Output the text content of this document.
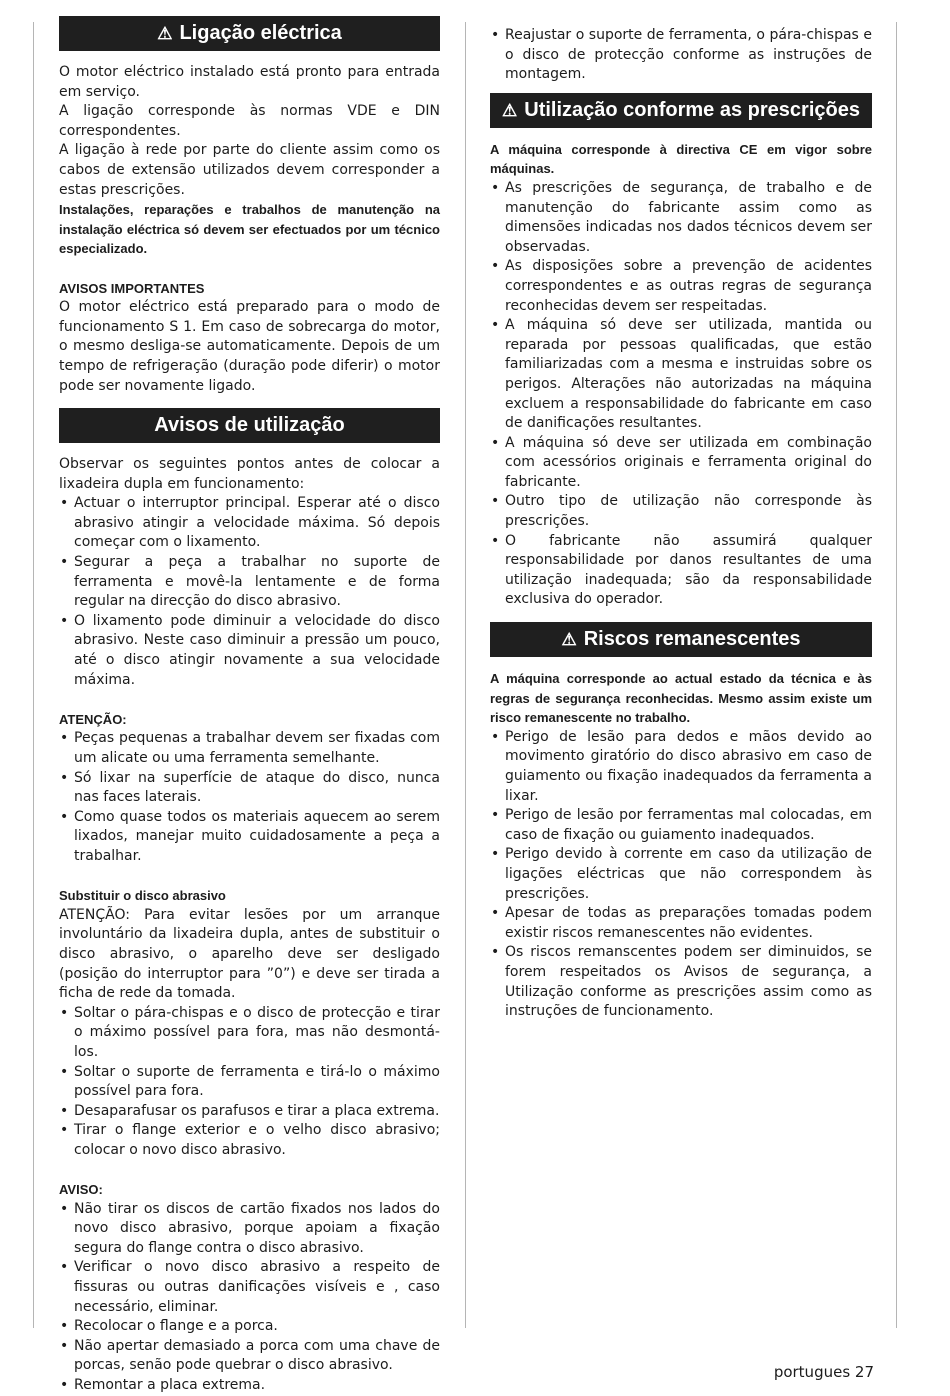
⚠ Ligação eléctrica

O motor eléctrico instalado está pronto para entrada em serviço.

A ligação corresponde às normas VDE e DIN correspondentes.

A ligação à rede por parte do cliente assim como os cabos de extensão utilizados devem corresponder a estas prescrições.

Instalações, reparações e trabalhos de manutenção na instalação eléctrica só devem ser efectuados por um técnico especializado.

AVISOS IMPORTANTES

O motor eléctrico está preparado para o modo de funcionamento S 1. Em caso de sobrecarga do motor, o mesmo desliga-se automaticamente. Depois de um tempo de refrigeração (duração pode diferir) o motor pode ser novamente ligado.

Avisos de utilização

Observar os seguintes pontos antes de colocar a lixadeira dupla em funcionamento:

• Actuar o interruptor principal. Esperar até o disco abrasivo atingir a velocidade máxima. Só depois começar com o lixamento.
• Segurar a peça a trabalhar no suporte de ferramenta e movê-la lentamente e de forma regular na direcção do disco abrasivo.
• O lixamento pode diminuir a velocidade do disco abrasivo. Neste caso diminuir a pressão um pouco, até o disco atingir novamente a sua velocidade máxima.

ATENÇÃO:

• Peças pequenas a trabalhar devem ser fixadas com um alicate ou uma ferramenta semelhante.
• Só lixar na superfície de ataque do disco, nunca nas faces laterais.
• Como quase todos os materiais aquecem ao serem lixados, manejar muito cuidadosamente a peça a trabalhar.

Substituir o disco abrasivo

ATENÇÃO: Para evitar lesões por um arranque involuntário da lixadeira dupla, antes de substituir o disco abrasivo, o aparelho deve ser desligado (posição do interruptor para ”0”) e deve ser tirada a ficha de rede da tomada.

• Soltar o pára-chispas e o disco de protecção e tirar o máximo possível para fora, mas não desmontá-los.
• Soltar o suporte de ferramenta e tirá-lo o máximo possível para fora.
• Desaparafusar os parafusos e tirar a placa extrema.
• Tirar o flange exterior e o velho disco abrasivo; colocar o novo disco abrasivo.

AVISO:

• Não tirar os discos de cartão fixados nos lados do novo disco abrasivo, porque apoiam a fixação segura do flange contra o disco abrasivo.
• Verificar o novo disco abrasivo a respeito de fissuras ou outras danificações visíveis e , caso necessário, eliminar.
• Recolocar o flange e a porca.
• Não apertar demasiado a porca com uma chave de porcas, senão pode quebrar o disco abrasivo.
• Remontar a placa extrema.
• Reajustar o suporte de ferramenta, o pára-chispas e o disco de protecção conforme as instruções de montagem.
⚠ Utilização conforme as prescrições

A máquina corresponde à directiva CE em vigor sobre máquinas.

• As prescrições de segurança, de trabalho e de manutenção do fabricante assim como as dimensões indicadas nos dados técnicos devem ser observadas.
• As disposições sobre a prevenção de acidentes correspondentes e as outras regras de segurança reconhecidas devem ser respeitadas.
• A máquina só deve ser utilizada, mantida ou reparada por pessoas qualificadas, que estão familiarizadas com a mesma e instruidas sobre os perigos. Alterações não autorizadas na máquina excluem a responsabilidade do fabricante em caso de danificações resultantes.
• A máquina só deve ser utilizada em combinação com acessórios originais e ferramenta original do fabricante.
• Outro tipo de utilização não corresponde às prescrições.
• O fabricante não assumirá qualquer responsabilidade por danos resultantes de uma utilização inadequada; são da responsabilidade exclusiva do operador.
⚠ Riscos remanescentes

A máquina corresponde ao actual estado da técnica e às regras de segurança reconhecidas. Mesmo assim existe um risco remanescente no trabalho.

• Perigo de lesão para dedos e mãos devido ao movimento giratório do disco abrasivo em caso de guiamento ou fixação inadequados da ferramenta a lixar.
• Perigo de lesão por ferramentas mal colocadas, em caso de fixação ou guiamento inadequados.
• Perigo devido à corrente em caso da utilização de ligações eléctricas que não correspondem às prescrições.
• Apesar de todas as preparações tomadas podem existir riscos remanescentes não evidentes.
• Os riscos remanscentes podem ser diminuidos, se forem respeitados os Avisos de segurança, a Utilização conforme as prescrições assim como as instruções de funcionamento.
portugues 27
